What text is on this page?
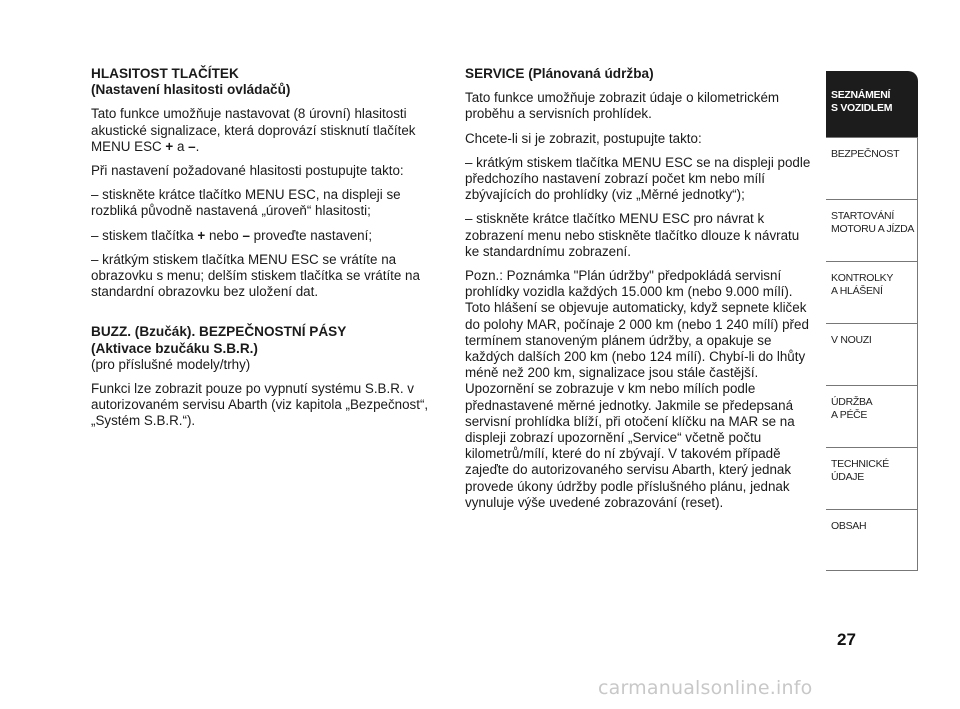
HLASITOST TLAČÍTEK
(Nastavení hlasitosti ovládačů)

Tato funkce umožňuje nastavovat (8 úrovní) hlasitosti akustické signalizace, která doprovází stisknutí tlačítek MENU ESC + a –.

Při nastavení požadované hlasitosti postupujte takto:

– stiskněte krátce tlačítko MENU ESC, na displeji se rozbliká původně nastavená „úroveň“ hlasitosti;

– stiskem tlačítka + nebo – proveďte nastavení;

– krátkým stiskem tlačítka MENU ESC se vrátíte na obrazovku s menu; delším stiskem tlačítka se vrátíte na standardní obrazovku bez uložení dat.

BUZZ. (Bzučák). BEZPEČNOSTNÍ PÁSY
(Aktivace bzučáku S.B.R.)

(pro příslušné modely/trhy)

Funkci lze zobrazit pouze po vypnutí systému S.B.R. v autorizovaném servisu Abarth (viz kapitola „Bezpečnost“, „Systém S.B.R.“).

SERVICE (Plánovaná údržba)

Tato funkce umožňuje zobrazit údaje o kilometrickém proběhu a servisních prohlídek.

Chcete-li si je zobrazit, postupujte takto:

– krátkým stiskem tlačítka MENU ESC se na displeji podle předchozího nastavení zobrazí počet km nebo mílí zbývajících do prohlídky (viz „Měrné jednotky“);

– stiskněte krátce tlačítko MENU ESC pro návrat k zobrazení menu nebo stiskněte tlačítko dlouze k návratu ke standardnímu zobrazení.

Pozn.: Poznámka "Plán údržby" předpokládá servisní prohlídky vozidla každých 15.000 km (nebo 9.000 mílí). Toto hlášení se objevuje automaticky, když sepnete kliček do polohy MAR, počínaje 2 000 km (nebo 1 240 mílí) před termínem stanoveným plánem údržby, a opakuje se každých dalších 200 km (nebo 124 mílí). Chybí-li do lhůty méně než 200 km, signalizace jsou stále častější. Upozornění se zobrazuje v km nebo mílích podle přednastavené měrné jednotky. Jakmile se předepsaná servisní prohlídka blíží, při otočení klíčku na MAR se na displeji zobrazí upozornění „Service“ včetně počtu kilometrů/mílí, které do ní zbývají. V takovém případě zajeďte do autorizovaného servisu Abarth, který jednak provede úkony údržby podle příslušného plánu, jednak vynuluje výše uvedené zobrazování (reset).

SEZNÁMENÍ
S VOZIDLEM
BEZPEČNOST
STARTOVÁNÍ
MOTORU A JÍZDA
KONTROLKY
A HLÁŠENÍ
V NOUZI
ÚDRŽBA
A PÉČE
TECHNICKÉ
ÚDAJE
OBSAH
27
carmanualsonline.info
